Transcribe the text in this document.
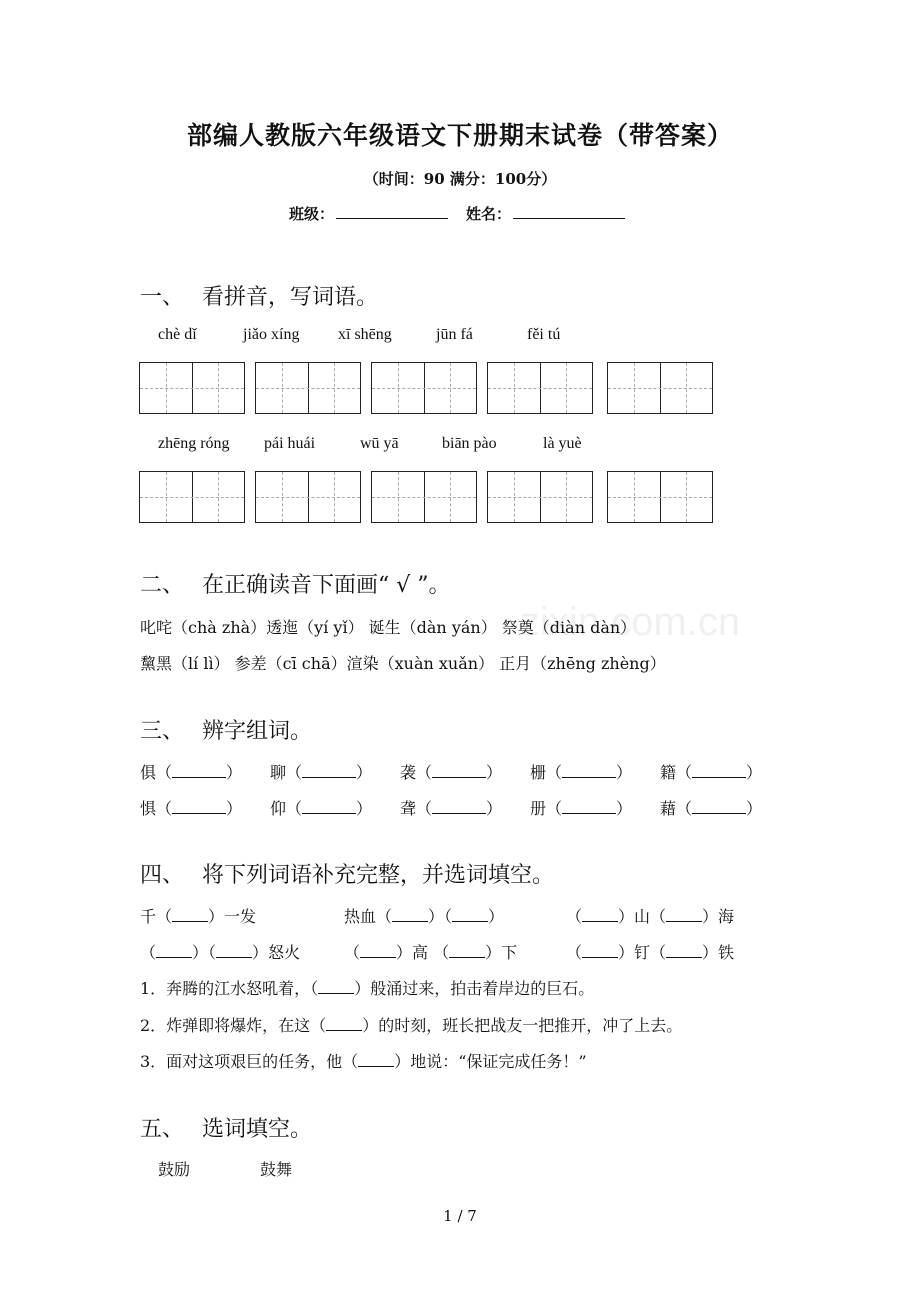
zixin.com.cn
部编人教版六年级语文下册期末试卷（带答案）
（时间：90 满分：100分）
班级：	姓名：
一、 看拼音，写词语。
chè dǐ	jiǎo xíng xī shēng	jūn fá	fěi tú
zhēng róng pái huái	wū yā	biān pào	là yuè
二、 在正确读音下面画“ √ ”。
叱咤（chà zhà）透迤（yí yǐ） 诞生（dàn yán） 祭奠（diàn dàn）
黧黑（lí lì） 参差（cī chā）渲染（xuàn xuǎn） 正月（zhēng zhèng）
三、 辨字组词。
俱（	） 聊（	） 袭（	） 栅（	） 籍（	）
惧（	） 仰（	） 聋（	） 册（	） 藉（	）
四、 将下列词语补充完整，并选词填空。
千（ ）一发	热血（ ）（ ）	（ ）山（ ）海
（ ）（ ）怒火	（ ）高 （ ）下	（ ）钉（ ）铁
1．奔腾的江水怒吼着，（ ）般涌过来，拍击着岸边的巨石。
2．炸弹即将爆炸，在这（ ）的时刻，班长把战友一把推开，冲了上去。
3．面对这项艰巨的任务，他（ ）地说：“保证完成任务！”
五、 选词填空。
鼓励	鼓舞
1 / 7
